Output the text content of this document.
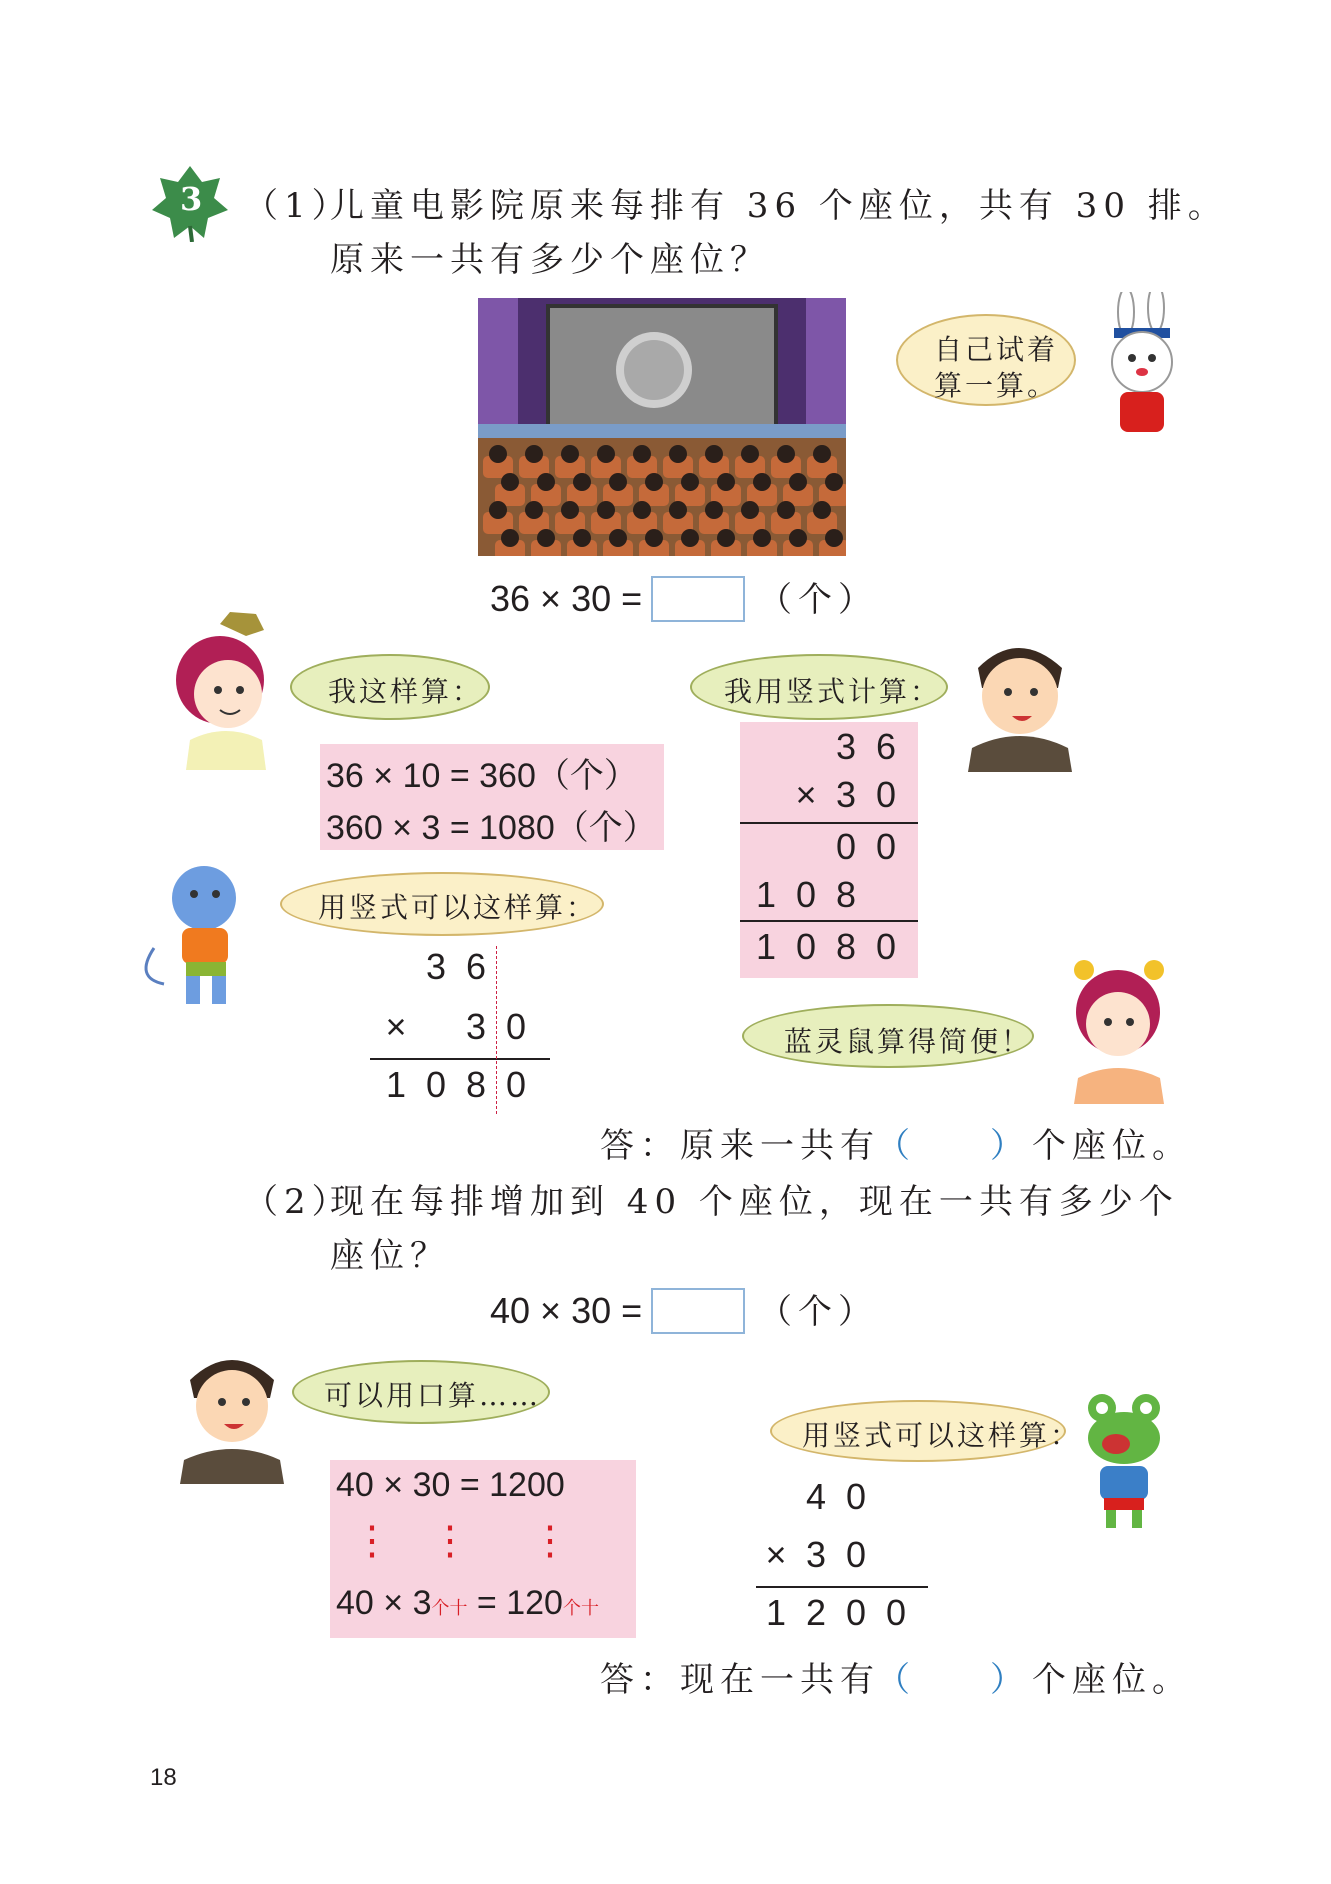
3 （1）
儿童电影院原来每排有 36 个座位，共有 30 排。
原来一共有多少个座位？
自己试着
算一算。
36 × 30 =	（个）
我这样算：	我用竖式计算：
36 × 10 = 360（个）
360 × 3 = 1080（个）
3 6
× 3 0
0 0
1 0 8
1 0 8 0
用竖式可以这样算：
3 6
× 3 0
1 0 8 0
蓝灵鼠算得简便！
答：原来一共有
（ ） 个座位。
（2）
现在每排增加到 40 个座位，现在一共有多少个
座位？
40 × 30 =	（个）
可以用口算……
40 × 30 = 1200
⋮ ⋮ ⋮
40 × 3个十 = 120个十
用竖式可以这样算：
4 0
× 3 0
1 2 0 0
答：现在一共有
（ ） 个座位。
18
